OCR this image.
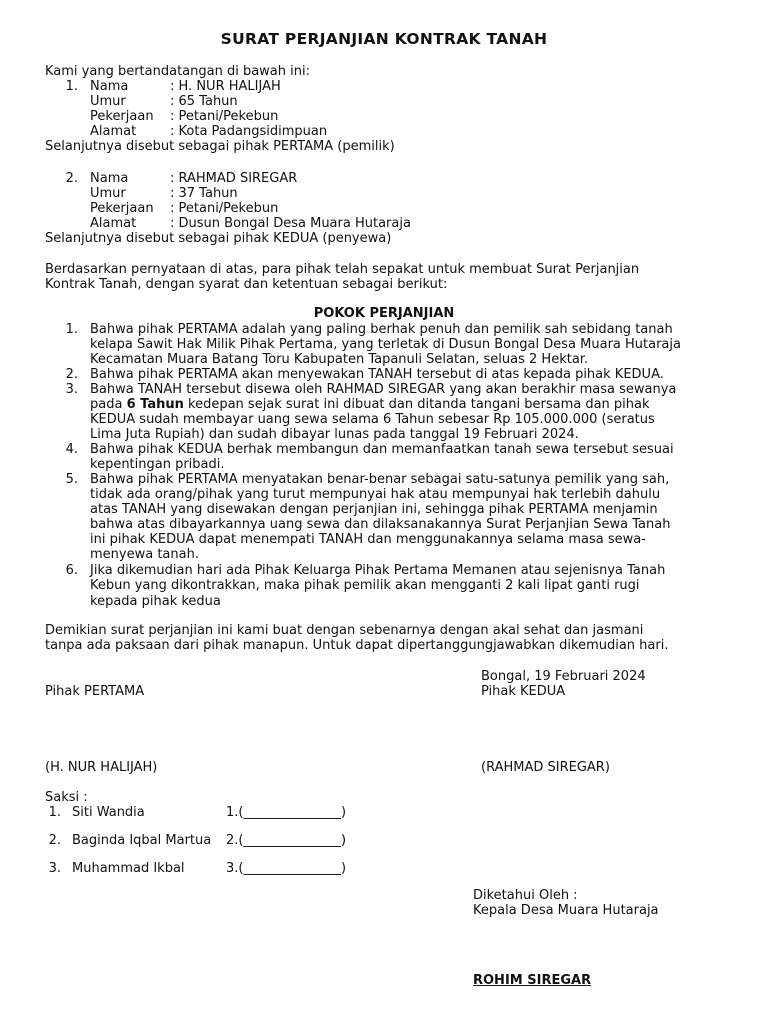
SURAT PERJANJIAN KONTRAK TANAH
Kami yang bertandatangan di bawah ini:
1. Nama	: H. NUR HALIJAH
Umur	: 65 Tahun
Pekerjaan : Petani/Pekebun
Alamat	: Kota Padangsidimpuan
Selanjutnya disebut sebagai pihak PERTAMA (pemilik)
2. Nama	: RAHMAD SIREGAR
Umur	: 37 Tahun
Pekerjaan : Petani/Pekebun
Alamat	: Dusun Bongal Desa Muara Hutaraja
Selanjutnya disebut sebagai pihak KEDUA (penyewa)
Berdasarkan pernyataan di atas, para pihak telah sepakat untuk membuat Surat Perjanjian
Kontrak Tanah, dengan syarat dan ketentuan sebagai berikut:
POKOK PERJANJIAN
1. Bahwa pihak PERTAMA adalah yang paling berhak penuh dan pemilik sah sebidang tanah
kelapa Sawit Hak Milik Pihak Pertama, yang terletak di Dusun Bongal Desa Muara Hutaraja
Kecamatan Muara Batang Toru Kabupaten Tapanuli Selatan, seluas 2 Hektar.
2. Bahwa pihak PERTAMA akan menyewakan TANAH tersebut di atas kepada pihak KEDUA.
3. Bahwa TANAH tersebut disewa oleh RAHMAD SIREGAR yang akan berakhir masa sewanya
pada 6 Tahun kedepan sejak surat ini dibuat dan ditanda tangani bersama dan pihak
KEDUA sudah membayar uang sewa selama 6 Tahun sebesar Rp 105.000.000 (seratus
Lima Juta Rupiah) dan sudah dibayar lunas pada tanggal 19 Februari 2024.
4. Bahwa pihak KEDUA berhak membangun dan memanfaatkan tanah sewa tersebut sesuai
kepentingan pribadi.
5. Bahwa pihak PERTAMA menyatakan benar-benar sebagai satu-satunya pemilik yang sah,
tidak ada orang/pihak yang turut mempunyai hak atau mempunyai hak terlebih dahulu
atas TANAH yang disewakan dengan perjanjian ini, sehingga pihak PERTAMA menjamin
bahwa atas dibayarkannya uang sewa dan dilaksanakannya Surat Perjanjian Sewa Tanah
ini pihak KEDUA dapat menempati TANAH dan menggunakannya selama masa sewa-
menyewa tanah.
6. Jika dikemudian hari ada Pihak Keluarga Pihak Pertama Memanen atau sejenisnya Tanah
Kebun yang dikontrakkan, maka pihak pemilik akan mengganti 2 kali lipat ganti rugi
kepada pihak kedua
Demikian surat perjanjian ini kami buat dengan sebenarnya dengan akal sehat dan jasmani
tanpa ada paksaan dari pihak manapun. Untuk dapat dipertanggungjawabkan dikemudian hari.
Bongal, 19 Februari 2024
Pihak PERTAMA	Pihak KEDUA
(H. NUR HALIJAH)	(RAHMAD SIREGAR)
Saksi :
1. Siti Wandia	1.(_______________)
2. Baginda Iqbal Martua 2.(_______________)
3. Muhammad Ikbal	3.(_______________)
Diketahui Oleh :
Kepala Desa Muara Hutaraja
ROHIM SIREGAR
